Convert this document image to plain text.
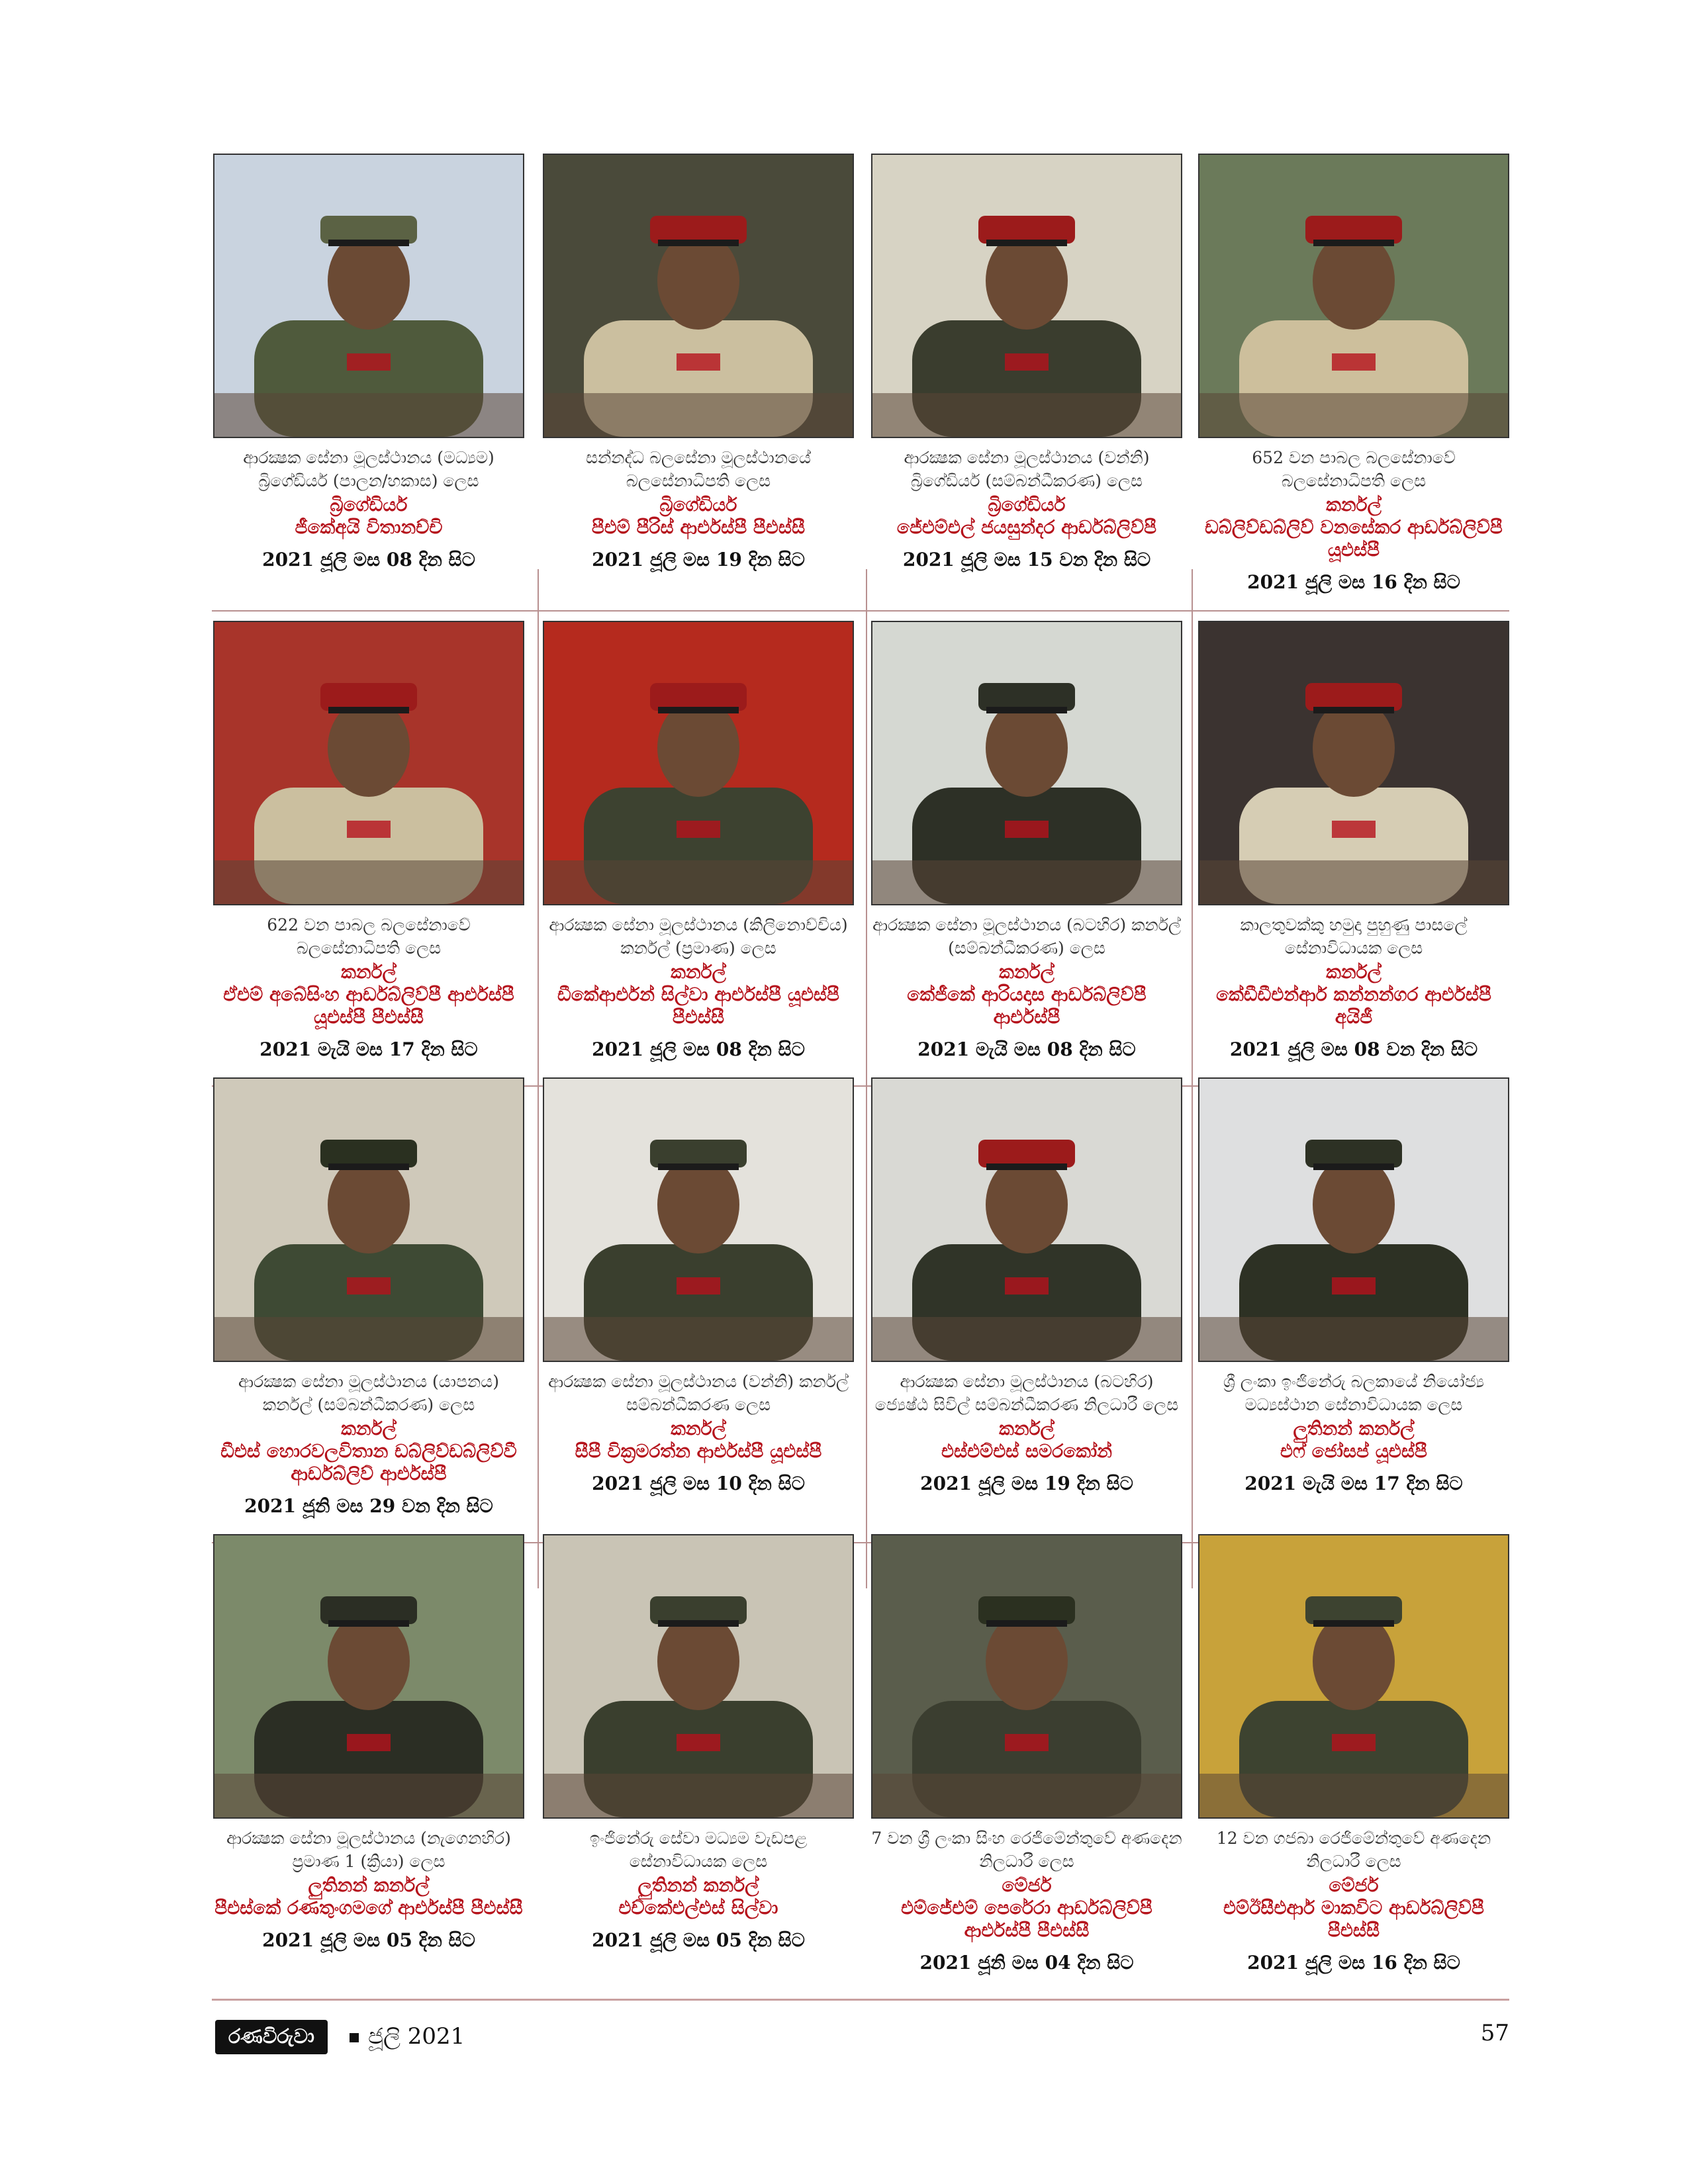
ආරක්‍ෂක සේනා මූලස්ථානය (මධ්‍යම) බ්‍රිගේඩියර් (පාලන/හකාස) ලෙස
බ්‍රිගේඩියර්
ජීකේඅයි විතානච්චි
2021 ජූලි මස 08 දින සිට
සන්නද්ධ බලසේනා මූලස්ථානයේ බලසේනාධිපති ලෙස
බ්‍රිගේඩියර්
පීඑම් පීරිස් ආර්එස්පී පීඑස්සී
2021 ජූලි මස 19 දින සිට
ආරක්‍ෂක සේනා මූලස්ථානය (වන්නි) බ්‍රිගේඩියර් (සම්බන්ධීකරණ) ලෙස
බ්‍රිගේඩියර්
ජේඑම්එල් ජයසුන්දර ආර්ඩබ්ලිව්පී
2021 ජූලි මස 15 වන දින සිට
652 වන පාබල බලසේනාවේ බලසේනාධිපති ලෙස
කර්නල්
ඩබ්ලිව්ඩබ්ලිව් වනසේකර ආර්ඩබ්ලිව්පී යූඑස්පී
2021 ජූලි මස 16 දින සිට
622 වන පාබල බලසේනාවේ බලසේනාධිපති ලෙස
කර්නල්
ඒඑම් අබේසිංහ ආර්ඩබ්ලිව්පී ආර්එස්පී යූඑස්පී පීඑස්සී
2021 මැයි මස 17 දින සිට
ආරක්‍ෂක සේනා මූලස්ථානය (කිලිනොච්චිය) කර්නල් (ප්‍රමාණ) ලෙස
කර්නල්
ඩීකේආර්එන් සිල්වා ආර්එස්පී යූඑස්පී පීඑස්සී
2021 ජූලි මස 08 දින සිට
ආරක්‍ෂක සේනා මූලස්ථානය (බටහිර) කර්නල් (සම්බන්ධීකරණ) ලෙස
කර්නල්
කේජීකේ ආරියදාස ආර්ඩබ්ලිව්පී ආර්එස්පී
2021 මැයි මස 08 දින සිට
කාලතුවක්කු හමුදා පුහුණු පාසලේ සේනාවිධායක ලෙස
කර්නල්
කේඩීඩීඑන්ආර් කන්නන්ගර ආර්එස්පී අයිජී
2021 ජූලි මස 08 වන දින සිට
ආරක්‍ෂක සේනා මූලස්ථානය (යාපනය) කර්නල් (සම්බන්ධීකරණ) ලෙස
කර්නල්
ඩීඑස් හොරවලවිතාන ඩබ්ලිව්ඩබ්ලිව්වී ආර්ඩබ්ලිව් ආර්එස්පී
2021 ජූනි මස 29 වන දින සිට
ආරක්‍ෂක සේනා මූලස්ථානය (වන්නි) කර්නල් සම්බන්ධීකරණ ලෙස
කර්නල්
සීපී වික්‍රමරත්න ආර්එස්පී යූඑස්පී
2021 ජූලි මස 10 දින සිට
ආරක්‍ෂක සේනා මූලස්ථානය (බටහිර) ජ්‍යෙෂ්ඨ සිවිල් සම්බන්ධීකරණ නිලධාරී ලෙස
කර්නල්
එස්එම්එස් සමරකෝන්
2021 ජූලි මස 19 දින සිට
ශ්‍රී ලංකා ඉංජිනේරු බලකායේ නියෝජ්‍ය මධ්‍යස්ථාන සේනාවිධායක ලෙස
ලුතිනන් කර්නල්
එෆ් ජෝසප් යූඑස්පී
2021 මැයි මස 17 දින සිට
ආරක්‍ෂක සේනා මූලස්ථානය (නැගෙනහිර) ප්‍රමාණ 1 (ක්‍රියා) ලෙස
ලුතිනන් කර්නල්
පීඑස්කේ රණතුංගමගේ ආර්එස්පී පීඑස්සී
2021 ජූලි මස 05 දින සිට
ඉංජිනේරු සේවා මධ්‍යම වැඩපළ සේනාවිධායක ලෙස
ලුතිනන් කර්නල්
එච්කේඑල්එස් සිල්වා
2021 ජූලි මස 05 දින සිට
7 වන ශ්‍රී ලංකා සිංහ රෙජිමේන්තුවේ අණදෙන නිලධාරී ලෙස
මේජර්
එම්ජේඑම් පෙරේරා ආර්ඩබ්ලිව්පී ආර්එස්පී පීඑස්සී
2021 ජූනි මස 04 දින සිට
12 වන ගජබා රෙජිමේන්තුවේ අණදෙන නිලධාරී ලෙස
මේජර්
එම්ඊසීඑආර් මාකවිට ආර්ඩබ්ලිව්පී පීඑස්සී
2021 ජූලි මස 16 දින සිට
රණවිරුවා	ජූලි 2021	57
